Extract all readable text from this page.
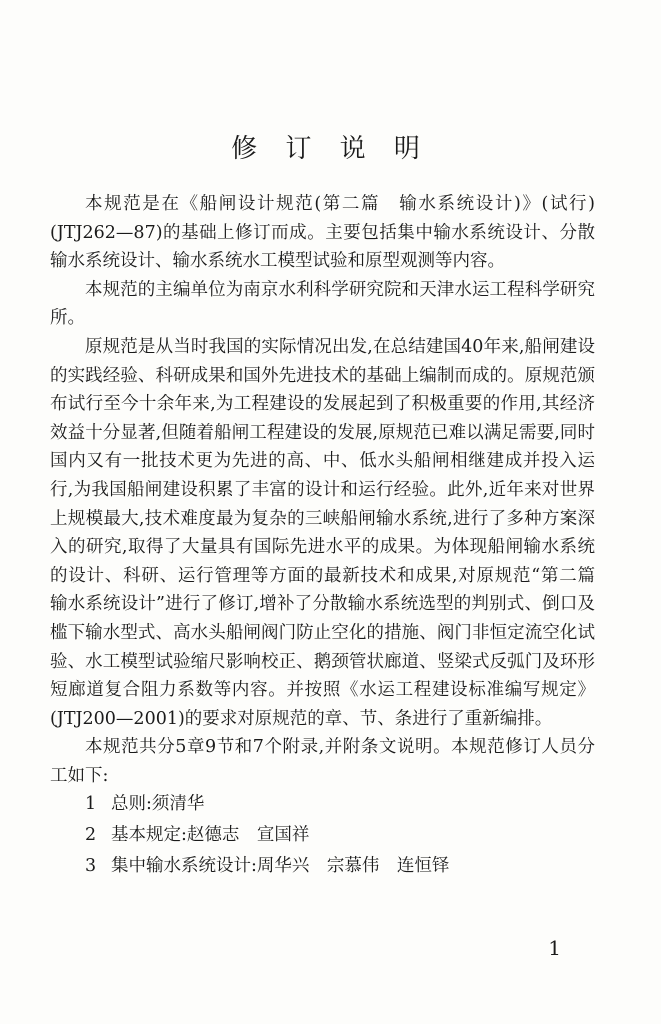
修 订 说 明

本规范是在《船闸设计规范(第二篇　输水系统设计)》(试行)(JTJ262—87)的基础上修订而成。主要包括集中输水系统设计、分散输水系统设计、输水系统水工模型试验和原型观测等内容。

本规范的主编单位为南京水利科学研究院和天津水运工程科学研究所。

原规范是从当时我国的实际情况出发,在总结建国40年来,船闸建设的实践经验、科研成果和国外先进技术的基础上编制而成的。原规范颁布试行至今十余年来,为工程建设的发展起到了积极重要的作用,其经济效益十分显著,但随着船闸工程建设的发展,原规范已难以满足需要,同时国内又有一批技术更为先进的高、中、低水头船闸相继建成并投入运行,为我国船闸建设积累了丰富的设计和运行经验。此外,近年来对世界上规模最大,技术难度最为复杂的三峡船闸输水系统,进行了多种方案深入的研究,取得了大量具有国际先进水平的成果。为体现船闸输水系统的设计、科研、运行管理等方面的最新技术和成果,对原规范“第二篇　输水系统设计”进行了修订,增补了分散输水系统选型的判别式、倒口及槛下输水型式、高水头船闸阀门防止空化的措施、阀门非恒定流空化试验、水工模型试验缩尺影响校正、鹅颈管状廊道、竖梁式反弧门及环形短廊道复合阻力系数等内容。并按照《水运工程建设标准编写规定》(JTJ200—2001)的要求对原规范的章、节、条进行了重新编排。

本规范共分5章9节和7个附录,并附条文说明。本规范修订人员分工如下:

1 总则:须清华
2 基本规定:赵德志　宣国祥
3 集中输水系统设计:周华兴　宗慕伟　连恒铎
1
